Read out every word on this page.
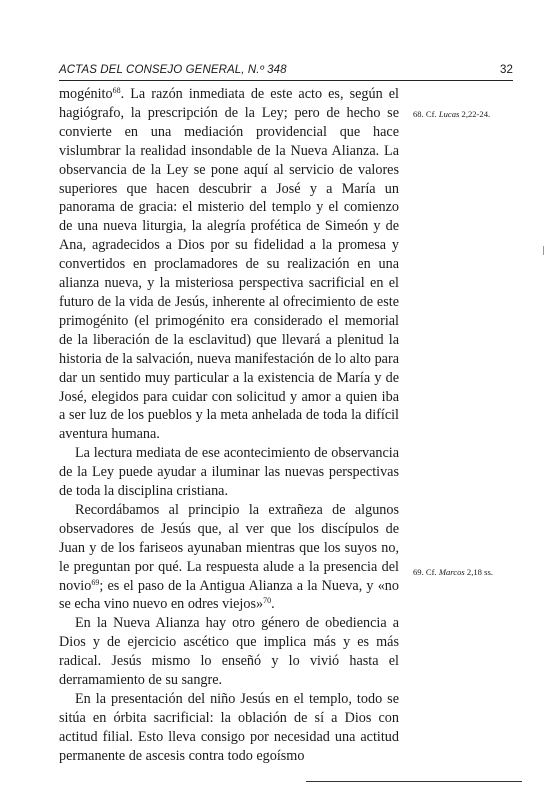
ACTAS DEL CONSEJO GENERAL, N.º 348	32

mogénito$^{68}$. La razón inmediata de este acto es, según el hagiógrafo, la prescripción de la Ley; pero de hecho se convierte en una mediación providencial que hace vislumbrar la realidad insondable de la Nueva Alianza. La observancia de la Ley se pone aquí al servicio de valores superiores que hacen descubrir a José y a María un panorama de gracia: el misterio del templo y el comienzo de una nueva liturgia, la alegría profética de Simeón y de Ana, agradecidos a Dios por su fidelidad a la promesa y convertidos en proclamadores de su realización en una alianza nueva, y la misteriosa perspectiva sacrificial en el futuro de la vida de Jesús, inherente al ofrecimiento de este primogénito (el primogénito era considerado el memorial de la liberación de la esclavitud) que llevará a plenitud la historia de la salvación, nueva manifestación de lo alto para dar un sentido muy particular a la existencia de María y de José, elegidos para cuidar con solicitud y amor a quien iba a ser luz de los pueblos y la meta anhelada de toda la difícil aventura humana.

La lectura mediata de ese acontecimiento de observancia de la Ley puede ayudar a iluminar las nuevas perspectivas de toda la disciplina cristiana.

Recordábamos al principio la extrañeza de algunos observadores de Jesús que, al ver que los discípulos de Juan y de los fariseos ayunaban mientras que los suyos no, le preguntan por qué. La respuesta alude a la presencia del novio$^{69}$; es el paso de la Antigua Alianza a la Nueva, y «no se echa vino nuevo en odres viejos»$^{70}$.

En la Nueva Alianza hay otro género de obediencia a Dios y de ejercicio ascético que implica más y es más radical. Jesús mismo lo enseñó y lo vivió hasta el derramamiento de su sangre.

En la presentación del niño Jesús en el templo, todo se sitúa en órbita sacrificial: la oblación de sí a Dios con actitud filial. Esto lleva consigo por necesidad una actitud permanente de ascesis contra todo egoísmo

68. Cf. Lucas 2,22-24.
69. Cf. Marcos 2,18 ss.
